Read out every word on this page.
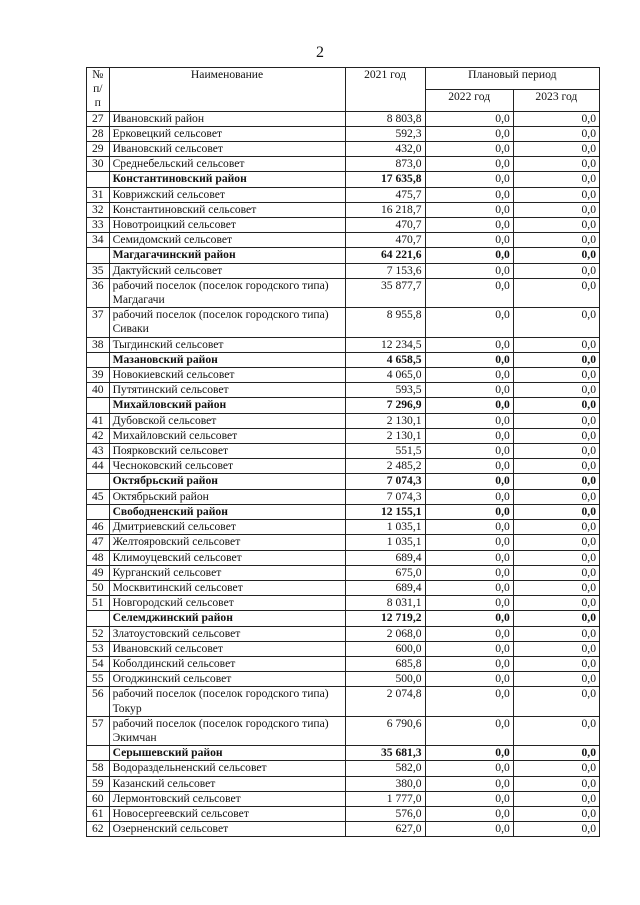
2
№
п/п	Наименование	2021 год	Плановый период	
			2022 год	2023 год
27	Ивановский район	8 803,8	0,0	0,0
28	Ерковецкий сельсовет	592,3	0,0	0,0
29	Ивановский сельсовет	432,0	0,0	0,0
30	Среднебельский сельсовет	873,0	0,0	0,0
	Константиновский район	17 635,8	0,0	0,0
31	Коврижский сельсовет	475,7	0,0	0,0
32	Константиновский сельсовет	16 218,7	0,0	0,0
33	Новотроицкий сельсовет	470,7	0,0	0,0
34	Семидомский сельсовет	470,7	0,0	0,0
	Магдагачинский район	64 221,6	0,0	0,0
35	Дактуйский сельсовет	7 153,6	0,0	0,0
36	рабочий поселок (поселок городского типа) Магдагачи	35 877,7	0,0	0,0
37	рабочий поселок (поселок городского типа) Сиваки	8 955,8	0,0	0,0
38	Тыгдинский сельсовет	12 234,5	0,0	0,0
	Мазановский район	4 658,5	0,0	0,0
39	Новокиевский сельсовет	4 065,0	0,0	0,0
40	Путятинский сельсовет	593,5	0,0	0,0
	Михайловский район	7 296,9	0,0	0,0
41	Дубовской сельсовет	2 130,1	0,0	0,0
42	Михайловский сельсовет	2 130,1	0,0	0,0
43	Поярковский сельсовет	551,5	0,0	0,0
44	Чесноковский сельсовет	2 485,2	0,0	0,0
	Октябрьский район	7 074,3	0,0	0,0
45	Октябрьский район	7 074,3	0,0	0,0
	Свободненский район	12 155,1	0,0	0,0
46	Дмитриевский сельсовет	1 035,1	0,0	0,0
47	Желтояровский сельсовет	1 035,1	0,0	0,0
48	Климоуцевский сельсовет	689,4	0,0	0,0
49	Курганский сельсовет	675,0	0,0	0,0
50	Москвитинский сельсовет	689,4	0,0	0,0
51	Новгородский сельсовет	8 031,1	0,0	0,0
	Селемджинский район	12 719,2	0,0	0,0
52	Златоустовский сельсовет	2 068,0	0,0	0,0
53	Ивановский сельсовет	600,0	0,0	0,0
54	Коболдинский сельсовет	685,8	0,0	0,0
55	Огоджинский сельсовет	500,0	0,0	0,0
56	рабочий поселок (поселок городского типа) Токур	2 074,8	0,0	0,0
57	рабочий поселок (поселок городского типа) Экимчан	6 790,6	0,0	0,0
	Серышевский район	35 681,3	0,0	0,0
58	Водораздельненский сельсовет	582,0	0,0	0,0
59	Казанский сельсовет	380,0	0,0	0,0
60	Лермонтовский сельсовет	1 777,0	0,0	0,0
61	Новосергеевский сельсовет	576,0	0,0	0,0
62	Озерненский сельсовет	627,0	0,0	0,0
